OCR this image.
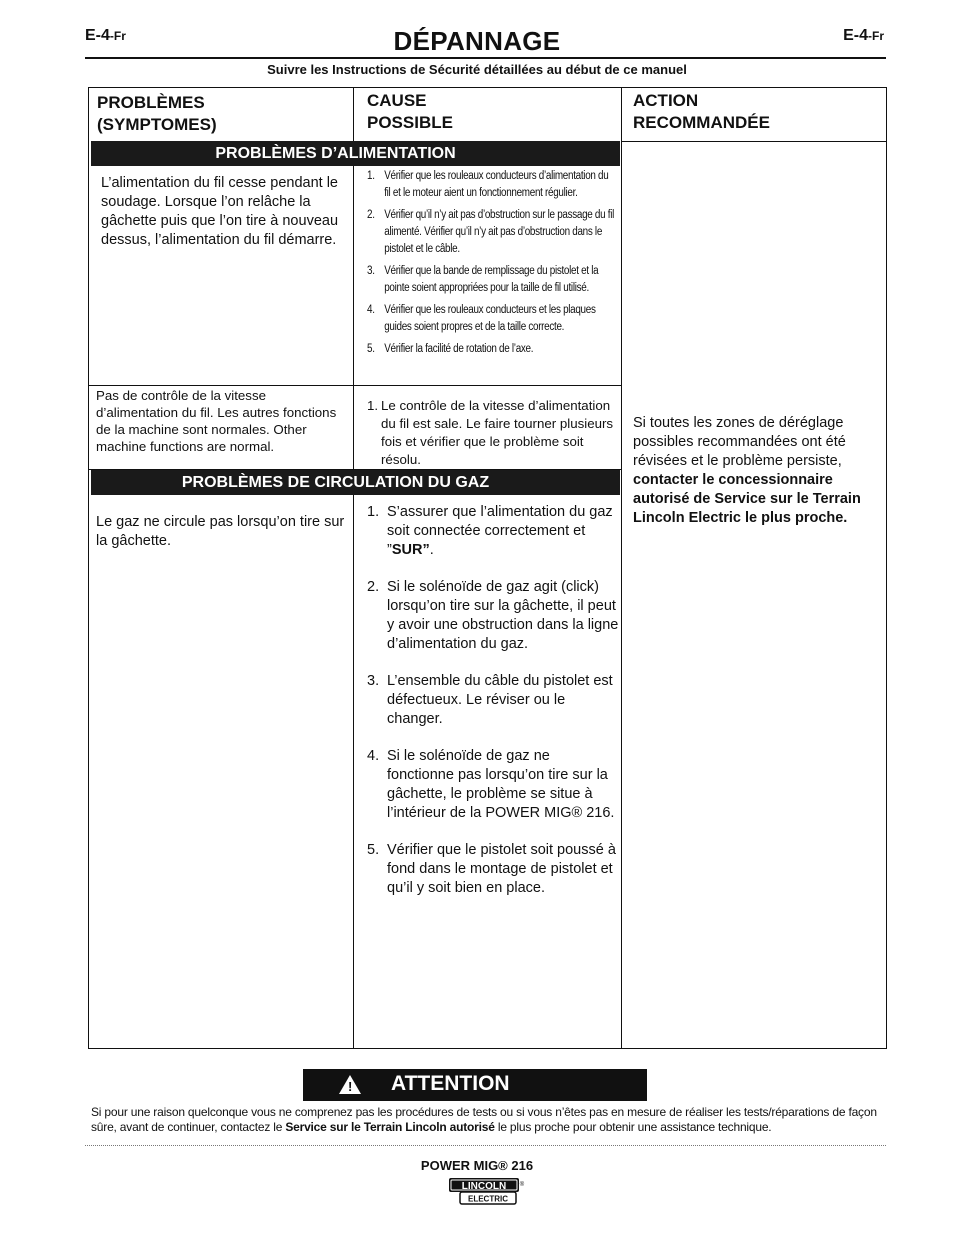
E-4-Fr	DÉPANNAGE	E-4-Fr
Suivre les Instructions de Sécurité détaillées au début de ce manuel
PROBLÈMES
(SYMPTOMES)
CAUSE
POSSIBLE
ACTION
RECOMMANDÉE
PROBLÈMES D’ALIMENTATION
L’alimentation du fil cesse pendant le soudage. Lorsque l’on relâche la gâchette puis que l’on tire à nouveau dessus, l’alimentation du fil démarre.
1. Vérifier que les rouleaux conducteurs d’alimentation du fil et le moteur aient un fonctionnement régulier.
2. Vérifier qu’il n’y ait pas d’obstruction sur le passage du fil alimenté. Vérifier qu’il n’y ait pas d’obstruction dans le pistolet et le câble.
3. Vérifier que la bande de remplissage du pistolet et la pointe soient appropriées pour la taille de fil utilisé.
4. Vérifier que les rouleaux conducteurs et les plaques guides soient propres et de la taille correcte.
5. Vérifier la facilité de rotation de l’axe.
Pas de contrôle de la vitesse d’alimentation du fil. Les autres fonctions de la machine sont normales. Other machine functions are normal.
1. Le contrôle de la vitesse d’alimentation du fil est sale. Le faire tourner plusieurs fois et vérifier que le problème soit résolu.
PROBLÈMES DE CIRCULATION DU GAZ
Le gaz ne circule pas lorsqu’on tire sur la gâchette.
1. S’assurer que l’alimentation du gaz soit connectée correctement et ”SUR”.
2. Si le solénoïde de gaz agit (click) lorsqu’on tire sur la gâchette, il peut y avoir une obstruction dans la ligne d’alimentation du gaz.
3. L’ensemble du câble du pistolet est défectueux. Le réviser ou le changer.
4. Si le solénoïde de gaz ne fonctionne pas lorsqu’on tire sur la gâchette, le problème se situe à l’intérieur de la POWER MIG® 216.
5. Vérifier que le pistolet soit poussé à fond dans le montage de pistolet et qu’il y soit bien en place.
Si toutes les zones de déréglage possibles recommandées ont été révisées et le problème persiste, contacter le concessionnaire autorisé de Service sur le Terrain Lincoln Electric le plus proche.
! ATTENTION
Si pour une raison quelconque vous ne comprenez pas les procédures de tests ou si vous n’êtes pas en mesure de réaliser les tests/réparations de façon sûre, avant de continuer, contactez le Service sur le Terrain Lincoln autorisé le plus proche pour obtenir une assistance technique.
POWER MIG® 216
LINCOLN ®
ELECTRIC
